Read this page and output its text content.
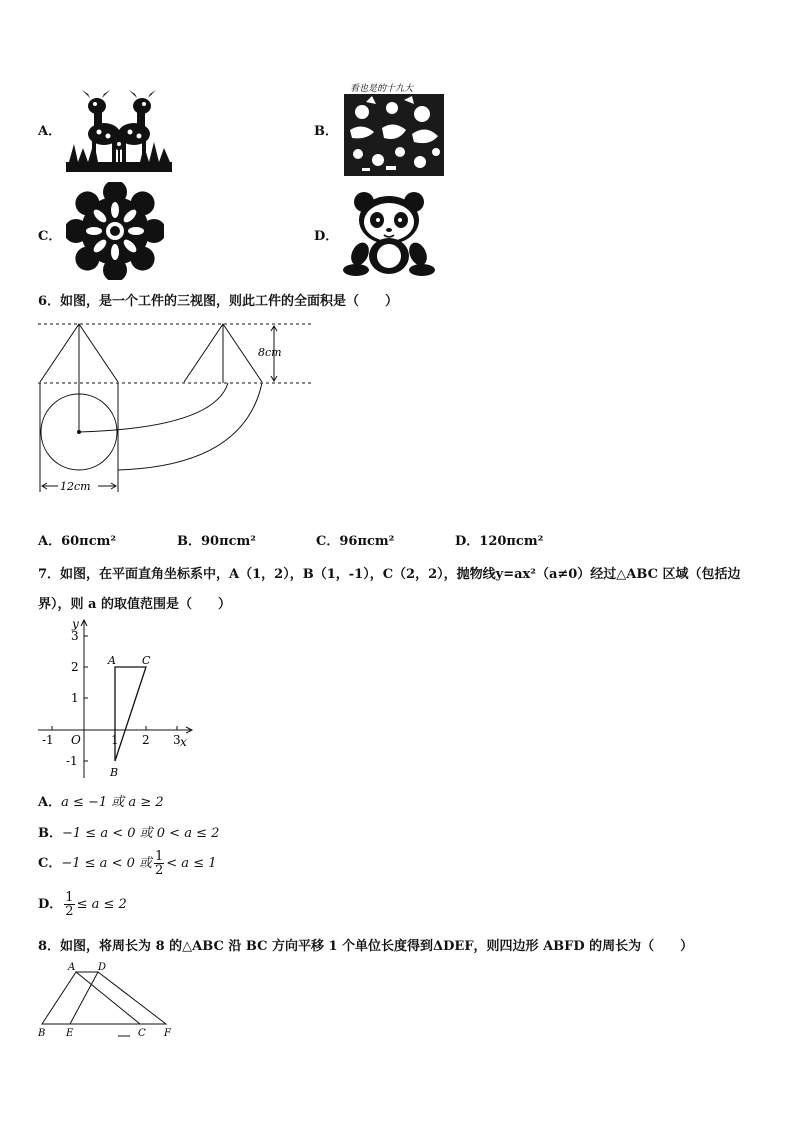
A．	B．
看也是的十九大
C．	D．
6．如图，是一个工件的三视图，则此工件的全面积是（　　）
8cm
12cm
A．60πcm²	B．90πcm²	C．96πcm²	D．120πcm²
7．如图，在平面直角坐标系中，A（1，2），B（1，-1），C（2，2），抛物线y=ax²（a≠0）经过△ABC 区域（包括边
界），则 a 的取值范围是（　　）
x
y
O
-1	1 2 3
3
2
1
-1
A
B
C
A．a ≤ −1 或 a ≥ 2
B．−1 ≤ a < 0 或 0 < a ≤ 2
C．−1 ≤ a < 0 或 $\frac{1}{2} < a \le 1$
D． $\frac{1}{2} \le a \le 2$
8．如图，将周长为 8 的△ABC 沿 BC 方向平移 1 个单位长度得到ΔDEF，则四边形 ABFD 的周长为（　　）
A D
B E	C F
